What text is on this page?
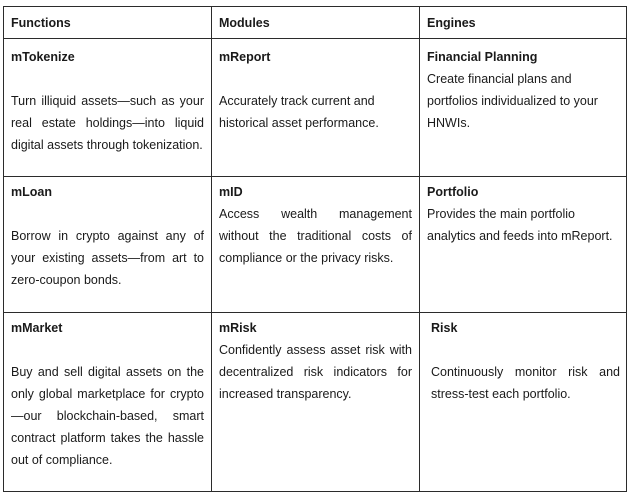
Functions	Modules	Engines
mTokenize
Turn illiquid assets—such as your real estate holdings—into liquid digital assets through tokenization.
mReport
Accurately track current and historical asset performance.
Financial Planning
Create financial plans and portfolios individualized to your HNWIs.
mLoan
Borrow in crypto against any of your existing assets—from art to zero-coupon bonds.
mID
Access wealth management without the traditional costs of compliance or the privacy risks.
Portfolio
Provides the main portfolio analytics and feeds into mReport.
mMarket
Buy and sell digital assets on the only global marketplace for crypto—our blockchain-based, smart contract platform takes the hassle out of compliance.
mRisk
Confidently assess asset risk with decentralized risk indicators for increased transparency.
Risk
Continuously monitor risk and stress-test each portfolio.
